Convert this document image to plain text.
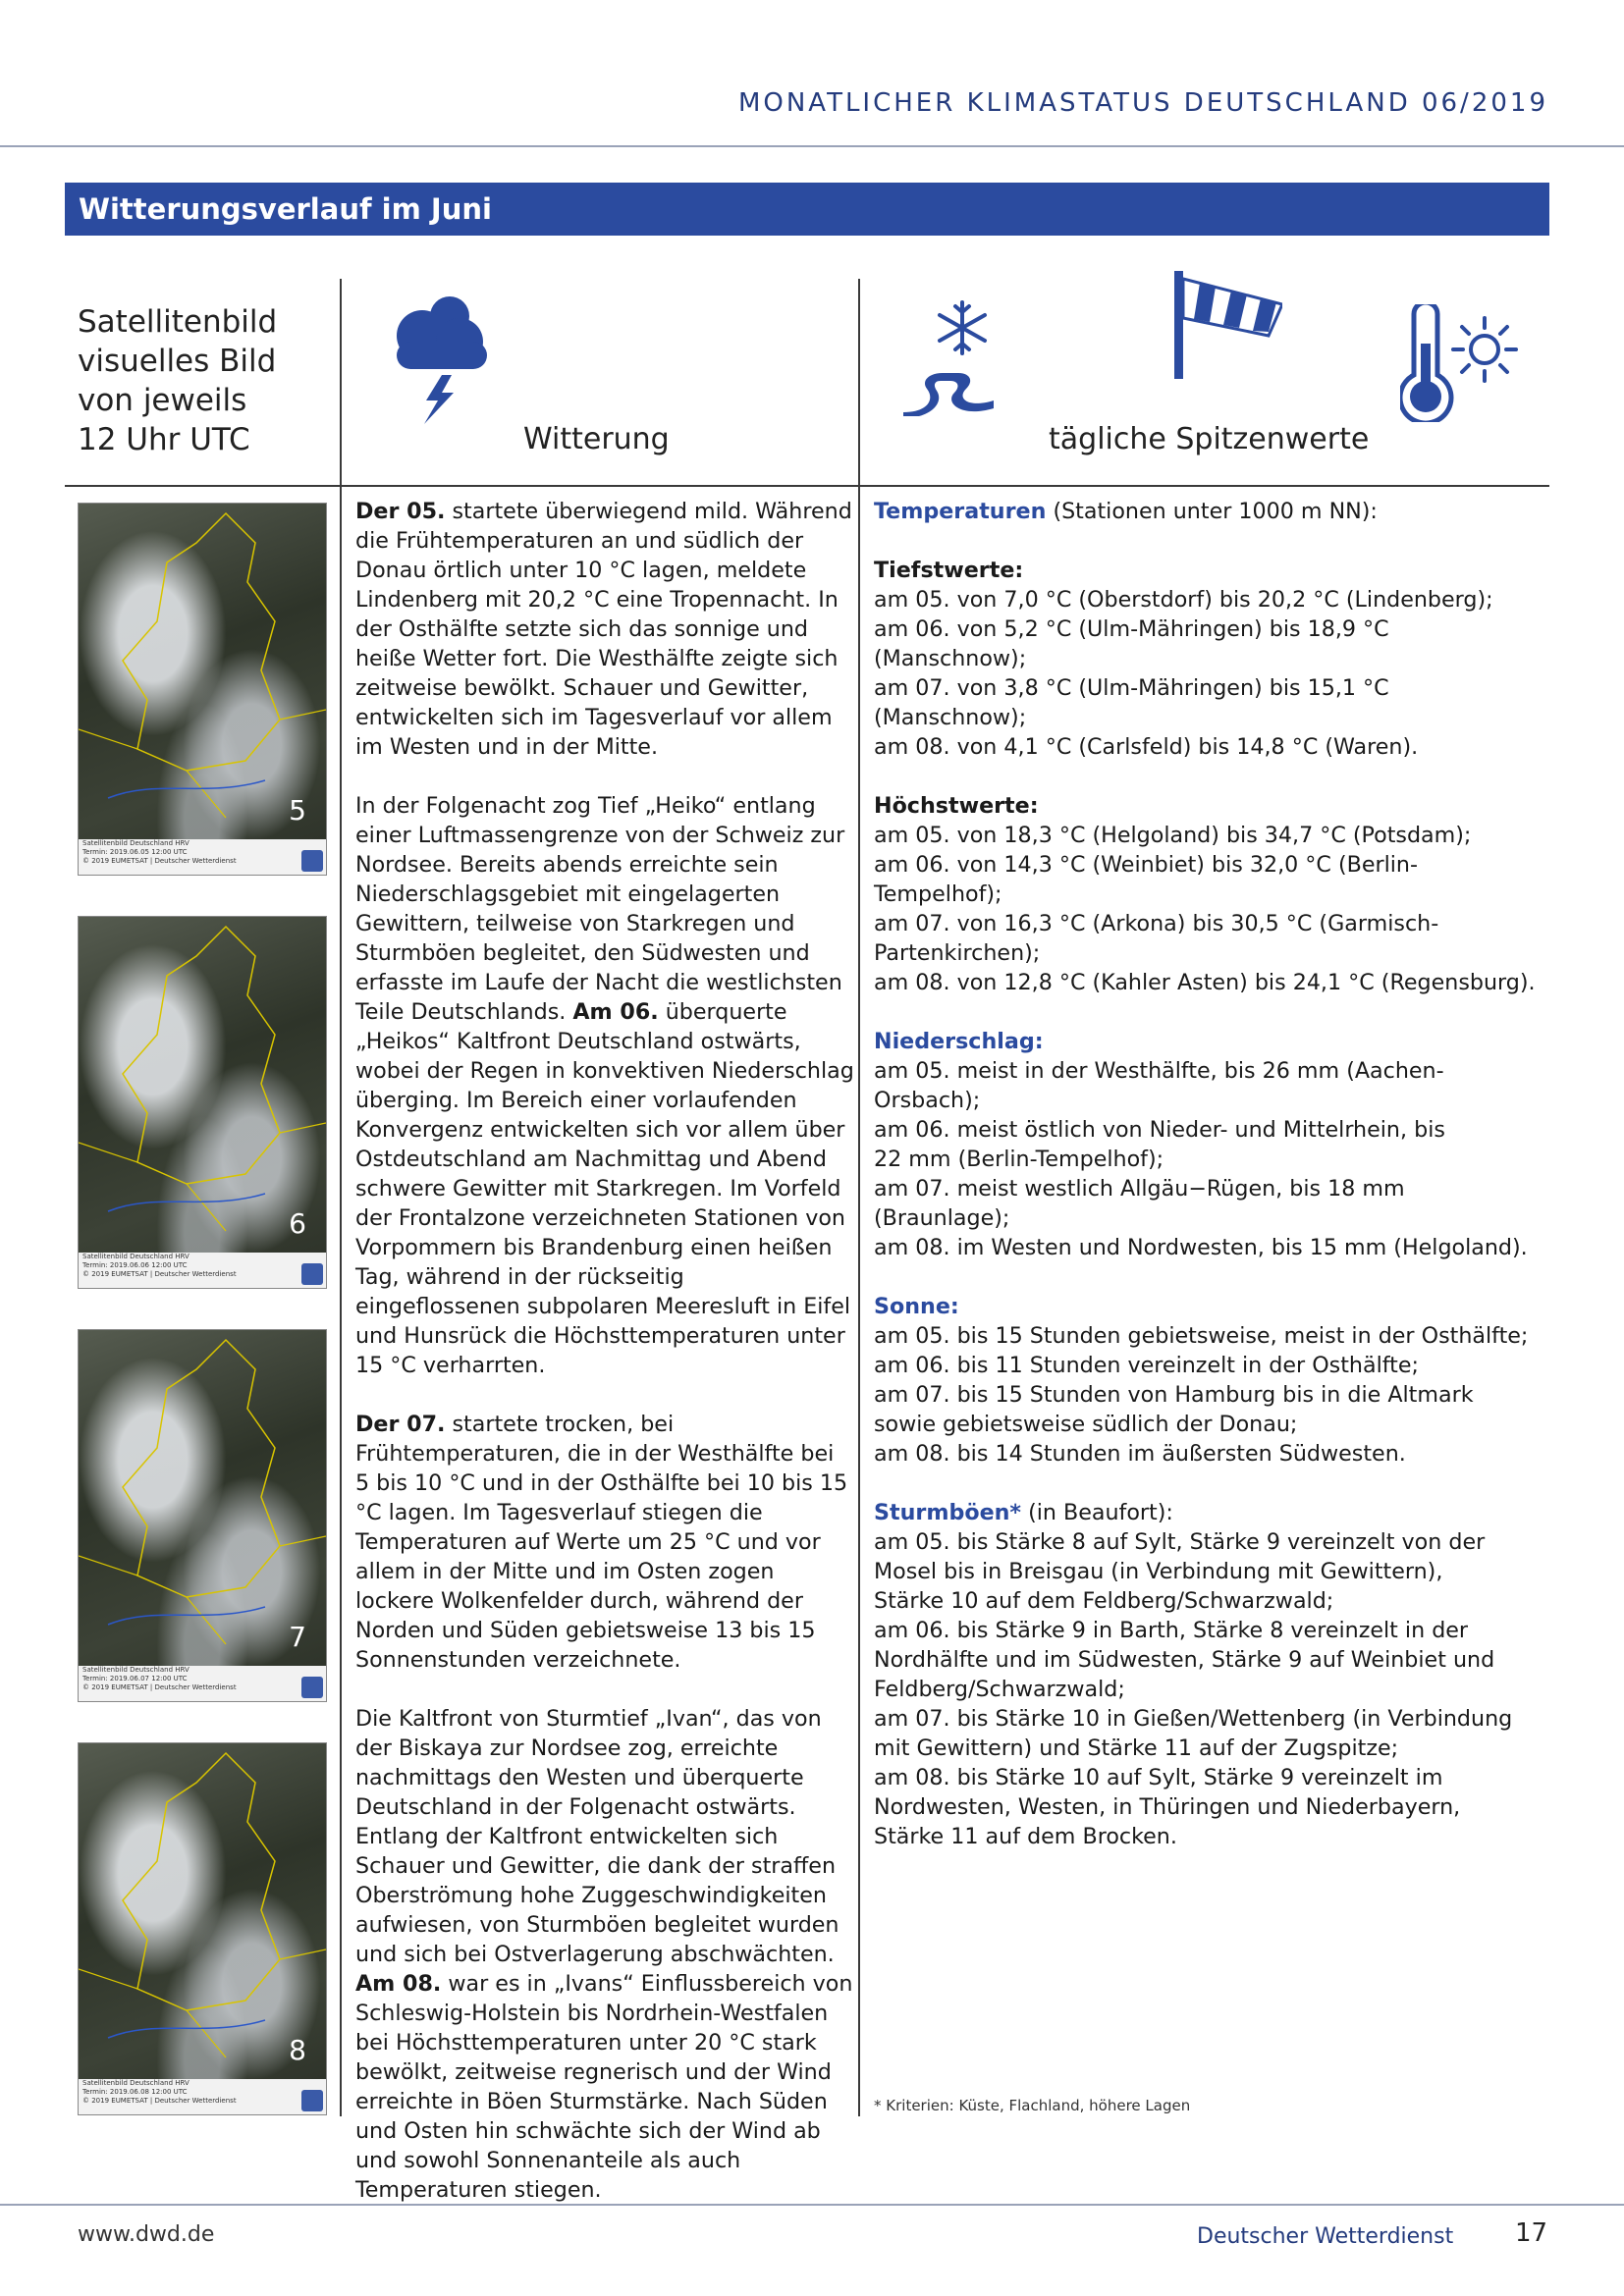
MONATLICHER KLIMASTATUS DEUTSCHLAND 06/2019
Witterungsverlauf im Juni
Satellitenbild
visuelles Bild
von jeweils
12 Uhr UTC	Witterung	tägliche Spitzenwerte
5
Satellitenbild Deutschland HRV
Termin: 2019.06.05 12:00 UTC
© 2019 EUMETSAT | Deutscher Wetterdienst
6
Satellitenbild Deutschland HRV
Termin: 2019.06.06 12:00 UTC
© 2019 EUMETSAT | Deutscher Wetterdienst
7
Satellitenbild Deutschland HRV
Termin: 2019.06.07 12:00 UTC
© 2019 EUMETSAT | Deutscher Wetterdienst
8
Satellitenbild Deutschland HRV
Termin: 2019.06.08 12:00 UTC
© 2019 EUMETSAT | Deutscher Wetterdienst

Der 05. startete überwiegend mild. Während die Frühtemperaturen an und südlich der Donau örtlich unter 10 °C lagen, meldete Lindenberg mit 20,2 °C eine Tropennacht. In der Osthälfte setzte sich das sonnige und heiße Wetter fort. Die Westhälfte zeigte sich zeitweise bewölkt. Schauer und Gewitter, entwickelten sich im Tagesverlauf vor allem im Westen und in der Mitte.

In der Folgenacht zog Tief „Heiko“ entlang einer Luftmassengrenze von der Schweiz zur Nordsee. Bereits abends erreichte sein Niederschlagsgebiet mit eingelagerten Gewittern, teilweise von Starkregen und Sturmböen begleitet, den Südwesten und erfasste im Laufe der Nacht die westlichsten Teile Deutschlands. Am 06. überquerte „Heikos“ Kaltfront Deutschland ostwärts, wobei der Regen in konvektiven Niederschlag überging. Im Bereich einer vorlaufenden Konvergenz entwickelten sich vor allem über Ostdeutschland am Nachmittag und Abend schwere Gewitter mit Starkregen. Im Vorfeld der Frontalzone verzeichneten Stationen von Vorpommern bis Brandenburg einen heißen Tag, während in der rückseitig eingeflossenen subpolaren Meeresluft in Eifel und Hunsrück die Höchsttemperaturen unter 15 °C verharrten.

Der 07. startete trocken, bei Frühtemperaturen, die in der Westhälfte bei 5 bis 10 °C und in der Osthälfte bei 10 bis 15 °C lagen. Im Tagesverlauf stiegen die Temperaturen auf Werte um 25 °C und vor allem in der Mitte und im Osten zogen lockere Wolkenfelder durch, während der Norden und Süden gebietsweise 13 bis 15 Sonnenstunden verzeichnete.

Die Kaltfront von Sturmtief „Ivan“, das von der Biskaya zur Nordsee zog, erreichte nachmittags den Westen und überquerte Deutschland in der Folgenacht ostwärts. Entlang der Kaltfront entwickelten sich Schauer und Gewitter, die dank der straffen Oberströmung hohe Zuggeschwindigkeiten aufwiesen, von Sturmböen begleitet wurden und sich bei Ostverlagerung abschwächten. Am 08. war es in „Ivans“ Einflussbereich von Schleswig-Holstein bis Nordrhein-Westfalen bei Höchsttemperaturen unter 20 °C stark bewölkt, zeitweise regnerisch und der Wind erreichte in Böen Sturmstärke. Nach Süden und Osten hin schwächte sich der Wind ab und sowohl Sonnenanteile als auch Temperaturen stiegen.

Temperaturen (Stationen unter 1000 m NN):
Tiefstwerte:
am 05. von 7,0 °C (Oberstdorf) bis 20,2 °C (Lindenberg);
am 06. von 5,2 °C (Ulm-Mähringen) bis 18,9 °C (Manschnow);
am 07. von 3,8 °C (Ulm-Mähringen) bis 15,1 °C (Manschnow);
am 08. von 4,1 °C (Carlsfeld) bis 14,8 °C (Waren).
Höchstwerte:
am 05. von 18,3 °C (Helgoland) bis 34,7 °C (Potsdam);
am 06. von 14,3 °C (Weinbiet) bis 32,0 °C (Berlin-Tempelhof);
am 07. von 16,3 °C (Arkona) bis 30,5 °C (Garmisch-
Partenkirchen);
am 08. von 12,8 °C (Kahler Asten) bis 24,1 °C (Regensburg).
Niederschlag:
am 05. meist in der Westhälfte, bis 26 mm (Aachen-
Orsbach);
am 06. meist östlich von Nieder- und Mittelrhein, bis
22 mm (Berlin-Tempelhof);
am 07. meist westlich Allgäu−Rügen, bis 18 mm (Braunlage);
am 08. im Westen und Nordwesten, bis 15 mm (Helgoland).
Sonne:
am 05. bis 15 Stunden gebietsweise, meist in der Osthälfte;
am 06. bis 11 Stunden vereinzelt in der Osthälfte;
am 07. bis 15 Stunden von Hamburg bis in die Altmark
sowie gebietsweise südlich der Donau;
am 08. bis 14 Stunden im äußersten Südwesten.
Sturmböen* (in Beaufort):
am 05. bis Stärke 8 auf Sylt, Stärke 9 vereinzelt von der
Mosel bis in Breisgau (in Verbindung mit Gewittern),
Stärke 10 auf dem Feldberg/Schwarzwald;
am 06. bis Stärke 9 in Barth, Stärke 8 vereinzelt in der
Nordhälfte und im Südwesten, Stärke 9 auf Weinbiet und
Feldberg/Schwarzwald;
am 07. bis Stärke 10 in Gießen/Wettenberg (in Verbindung
mit Gewittern) und Stärke 11 auf der Zugspitze;
am 08. bis Stärke 10 auf Sylt, Stärke 9 vereinzelt im
Nordwesten, Westen, in Thüringen und Niederbayern,
Stärke 11 auf dem Brocken.
* Kriterien: Küste, Flachland, höhere Lagen
www.dwd.de	Deutscher Wetterdienst 17
